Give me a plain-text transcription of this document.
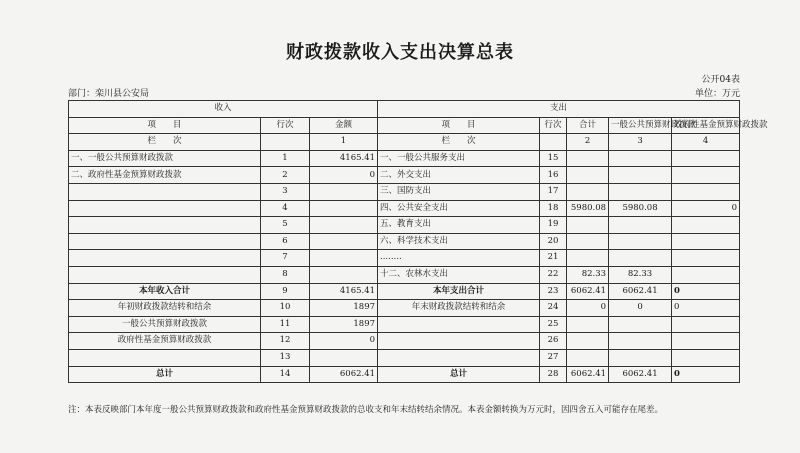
财政拨款收入支出决算总表
公开04表
部门：栾川县公安局	单位：万元
收入			支出				
项　　目	行次	金额	项　　目	行次	合计	一般公共预算财政拨款	政府性基金预算财政拨款
栏　　次		1	栏　　次		2	3	4
一、一般公共预算财政拨款	1	4165.41	一、一般公共服务支出	15			
二、政府性基金预算财政拨款	2	0	二、外交支出	16			
	3		三、国防支出	17			
	4		四、公共安全支出	18	5980.08	5980.08	0
	5		五、教育支出	19			
	6		六、科学技术支出	20			
	7		........	21			
	8		十二、农林水支出	22	82.33	82.33	
本年收入合计	9	4165.41	本年支出合计	23	6062.41	6062.41	0
年初财政拨款结转和结余	10	1897	年末财政拨款结转和结余	24	0	0	0
一般公共预算财政拨款	11	1897		25			
政府性基金预算财政拨款	12	0		26			
	13			27			
总计	14	6062.41	总计	28	6062.41	6062.41	0
注：本表反映部门本年度一般公共预算财政拨款和政府性基金预算财政拨款的总收支和年末结转结余情况。本表金额转换为万元时，因四舍五入可能存在尾差。
